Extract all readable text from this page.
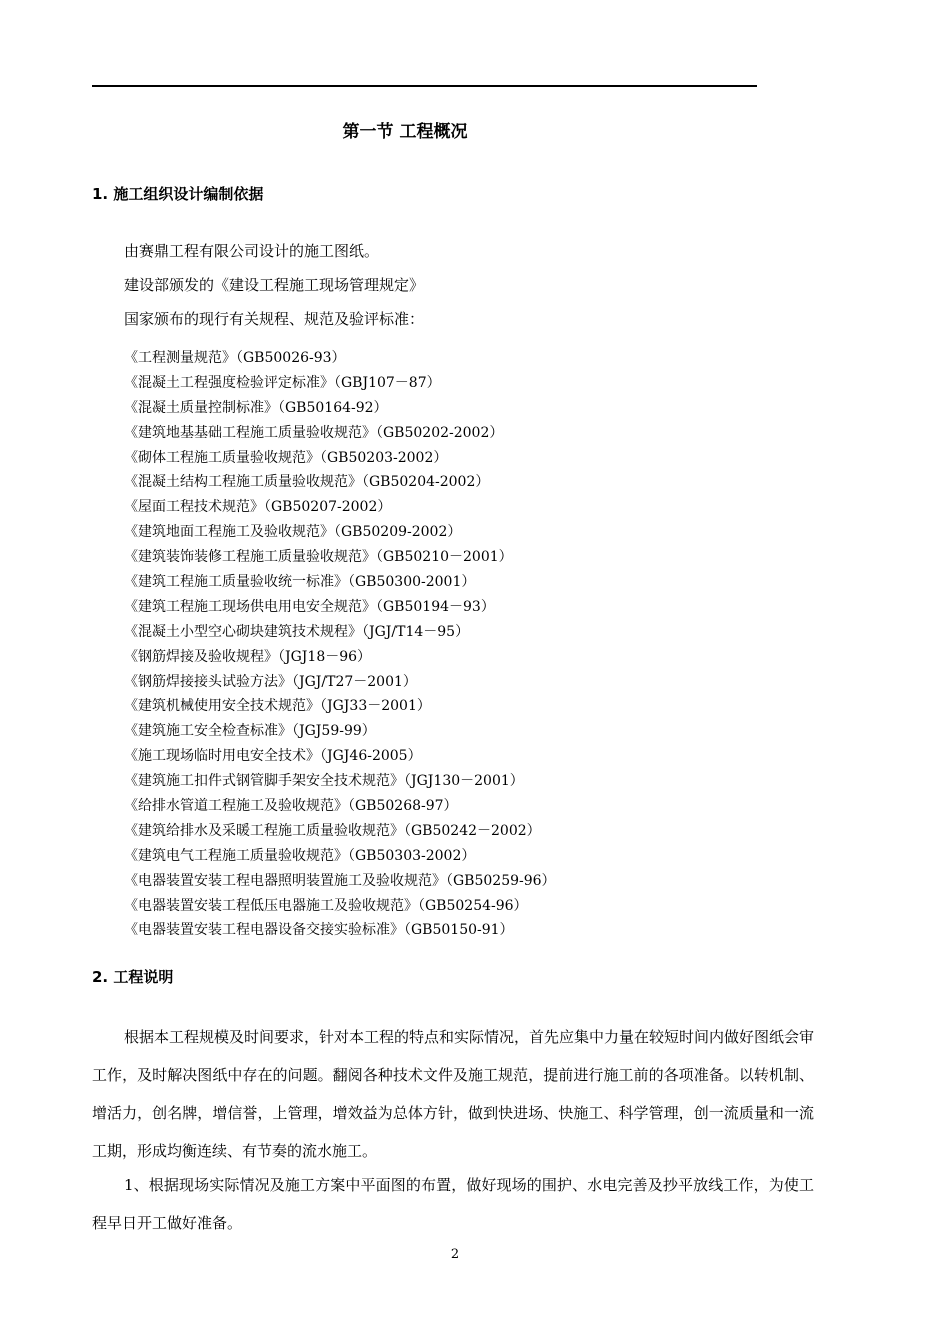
第一节 工程概况
1. 施工组织设计编制依据
由赛鼎工程有限公司设计的施工图纸。
建设部颁发的《建设工程施工现场管理规定》
国家颁布的现行有关规程、规范及验评标准：
《工程测量规范》（GB50026-93）
《混凝土工程强度检验评定标准》（GBJ107－87）
《混凝土质量控制标准》（GB50164-92）
《建筑地基基础工程施工质量验收规范》（GB50202-2002）
《砌体工程施工质量验收规范》（GB50203-2002）
《混凝土结构工程施工质量验收规范》（GB50204-2002）
《屋面工程技术规范》（GB50207-2002）
《建筑地面工程施工及验收规范》（GB50209-2002）
《建筑装饰装修工程施工质量验收规范》（GB50210－2001）
《建筑工程施工质量验收统一标准》（GB50300-2001）
《建筑工程施工现场供电用电安全规范》（GB50194－93）
《混凝土小型空心砌块建筑技术规程》（JGJ/T14－95）
《钢筋焊接及验收规程》（JGJ18－96）
《钢筋焊接接头试验方法》（JGJ/T27－2001）
《建筑机械使用安全技术规范》（JGJ33－2001）
《建筑施工安全检查标准》（JGJ59-99）
《施工现场临时用电安全技术》（JGJ46-2005）
《建筑施工扣件式钢管脚手架安全技术规范》（JGJ130－2001）
《给排水管道工程施工及验收规范》（GB50268-97）
《建筑给排水及采暖工程施工质量验收规范》（GB50242－2002）
《建筑电气工程施工质量验收规范》（GB50303-2002）
《电器装置安装工程电器照明装置施工及验收规范》（GB50259-96）
《电器装置安装工程低压电器施工及验收规范》（GB50254-96）
《电器装置安装工程电器设备交接实验标准》（GB50150-91）
2. 工程说明
根据本工程规模及时间要求，针对本工程的特点和实际情况，首先应集中力量在较短时间内做好图纸会审工作，及时解决图纸中存在的问题。翻阅各种技术文件及施工规范，提前进行施工前的各项准备。以转机制、增活力，创名牌，增信誉，上管理，增效益为总体方针，做到快进场、快施工、科学管理，创一流质量和一流工期，形成均衡连续、有节奏的流水施工。
1、根据现场实际情况及施工方案中平面图的布置，做好现场的围护、水电完善及抄平放线工作，为使工程早日开工做好准备。
2
